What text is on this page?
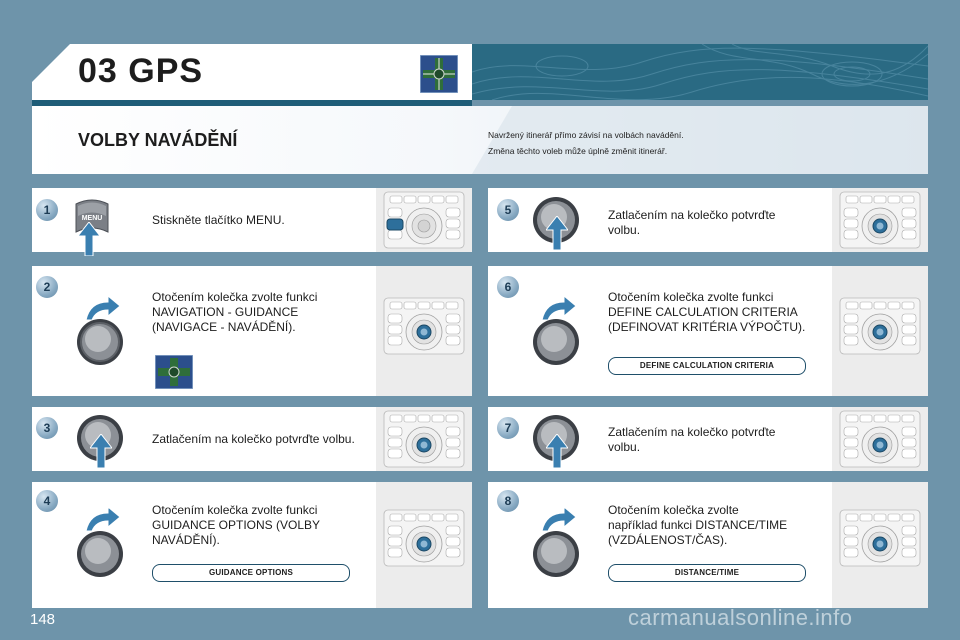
03 GPS
VOLBY NAVÁDĚNÍ	Navržený itinerář přímo závisí na volbách navádění.
Změna těchto voleb může úplně změnit itinerář.
1
MENU	Stiskněte tlačítko MENU.
2
Otočením kolečka zvolte funkci
NAVIGATION - GUIDANCE
(NAVIGACE - NAVÁDĚNÍ).
3
Zatlačením na kolečko potvrďte volbu.
4
Otočením kolečka zvolte funkci
GUIDANCE OPTIONS (VOLBY
NAVÁDĚNÍ).
GUIDANCE OPTIONS
5	Zatlačením na kolečko potvrďte
volbu.
6
Otočením kolečka zvolte funkci
DEFINE CALCULATION CRITERIA
(DEFINOVAT KRITÉRIA VÝPOČTU).
DEFINE CALCULATION CRITERIA
7	Zatlačením na kolečko potvrďte
volbu.
8
Otočením kolečka zvolte
například funkci DISTANCE/TIME
(VZDÁLENOST/ČAS).
DISTANCE/TIME
148	carmanualsonline.info
